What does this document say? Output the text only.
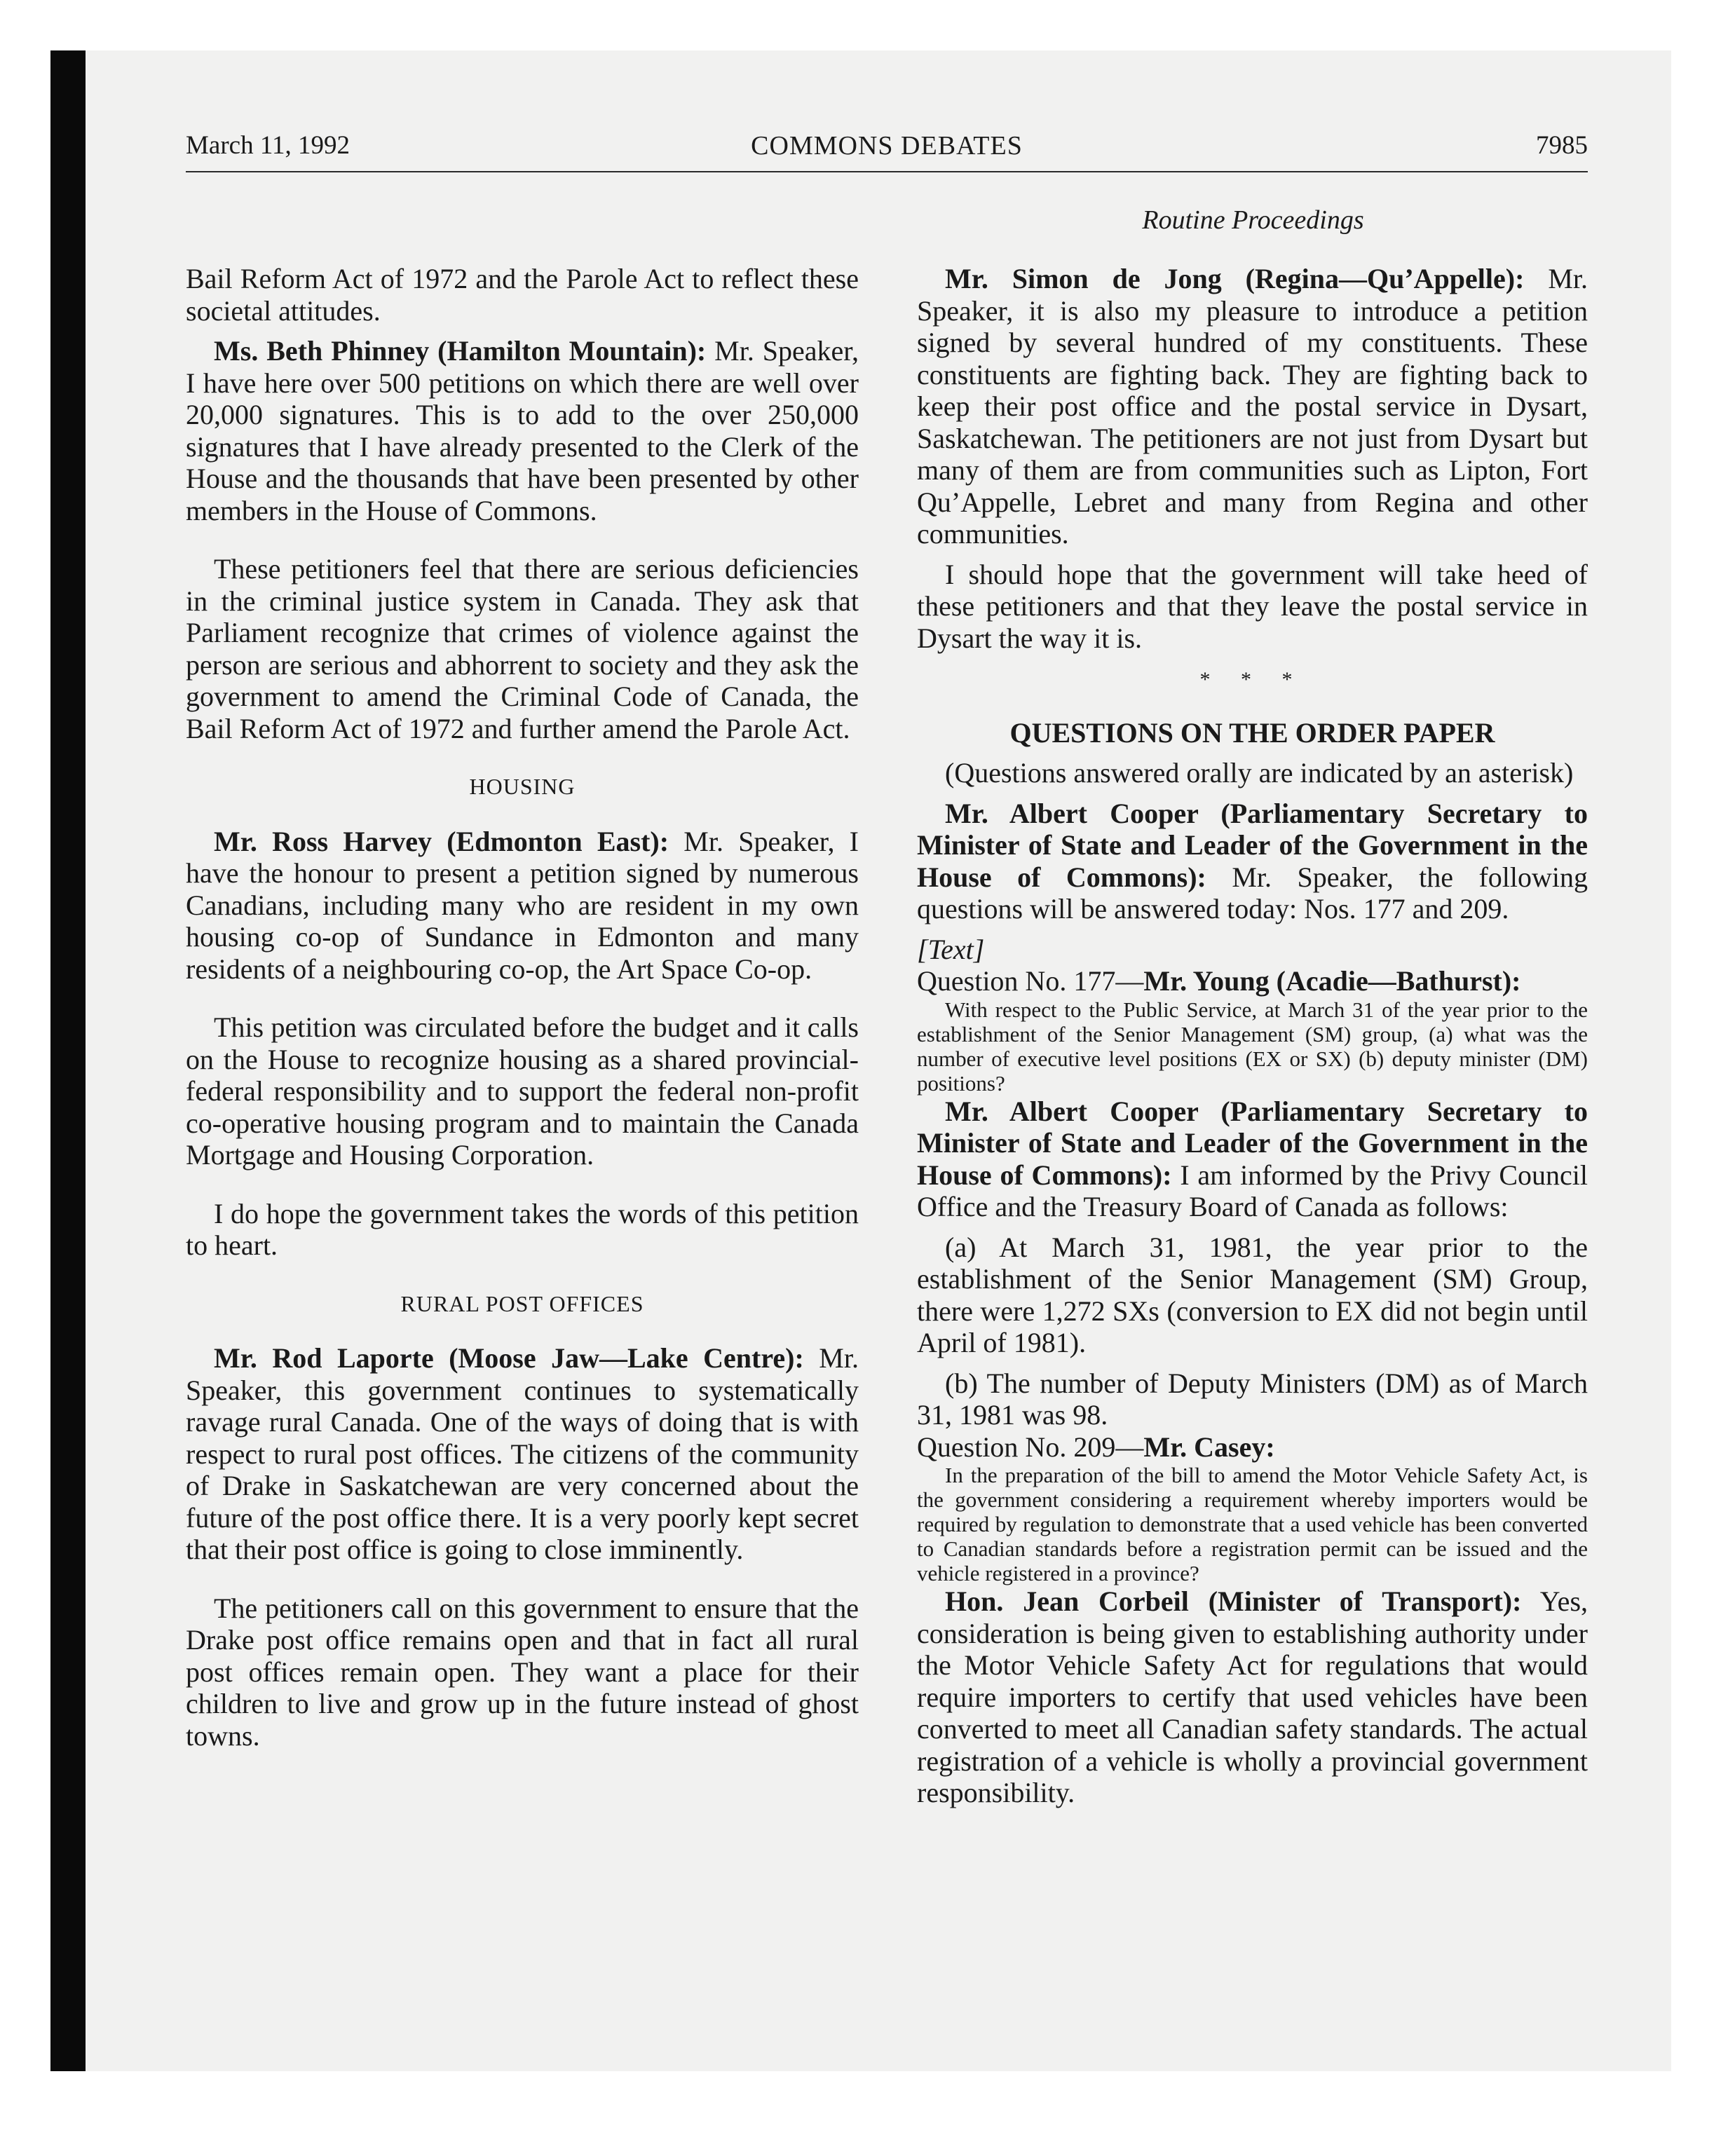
March 11, 1992	COMMONS DEBATES	7985
Routine Proceedings

Bail Reform Act of 1972 and the Parole Act to reflect these societal attitudes.

Ms. Beth Phinney (Hamilton Mountain): Mr. Speaker, I have here over 500 petitions on which there are well over 20,000 signatures. This is to add to the over 250,000 signatures that I have already presented to the Clerk of the House and the thousands that have been presented by other members in the House of Commons.

These petitioners feel that there are serious deficiencies in the criminal justice system in Canada. They ask that Parliament recognize that crimes of violence against the person are serious and abhorrent to society and they ask the government to amend the Criminal Code of Canada, the Bail Reform Act of 1972 and further amend the Parole Act.

HOUSING

Mr. Ross Harvey (Edmonton East): Mr. Speaker, I have the honour to present a petition signed by numerous Canadians, including many who are resident in my own housing co-op of Sundance in Edmonton and many residents of a neighbouring co-op, the Art Space Co-op.

This petition was circulated before the budget and it calls on the House to recognize housing as a shared provincial-federal responsibility and to support the federal non-profit co-operative housing program and to maintain the Canada Mortgage and Housing Corporation.

I do hope the government takes the words of this petition to heart.

RURAL POST OFFICES

Mr. Rod Laporte (Moose Jaw—Lake Centre): Mr. Speaker, this government continues to systematically ravage rural Canada. One of the ways of doing that is with respect to rural post offices. The citizens of the community of Drake in Saskatchewan are very concerned about the future of the post office there. It is a very poorly kept secret that their post office is going to close imminently.

The petitioners call on this government to ensure that the Drake post office remains open and that in fact all rural post offices remain open. They want a place for their children to live and grow up in the future instead of ghost towns.

Mr. Simon de Jong (Regina—Qu’Appelle): Mr. Speaker, it is also my pleasure to introduce a petition signed by several hundred of my constituents. These constituents are fighting back. They are fighting back to keep their post office and the postal service in Dysart, Saskatchewan. The petitioners are not just from Dysart but many of them are from communities such as Lipton, Fort Qu’Appelle, Lebret and many from Regina and other communities.

I should hope that the government will take heed of these petitioners and that they leave the postal service in Dysart the way it is.

* * *
QUESTIONS ON THE ORDER PAPER

(Questions answered orally are indicated by an asterisk)

Mr. Albert Cooper (Parliamentary Secretary to Minister of State and Leader of the Government in the House of Commons): Mr. Speaker, the following questions will be answered today: Nos. 177 and 209.

[Text]

Question No. 177—Mr. Young (Acadie—Bathurst):

With respect to the Public Service, at March 31 of the year prior to the establishment of the Senior Management (SM) group, (a) what was the number of executive level positions (EX or SX) (b) deputy minister (DM) positions?

Mr. Albert Cooper (Parliamentary Secretary to Minister of State and Leader of the Government in the House of Commons): I am informed by the Privy Council Office and the Treasury Board of Canada as follows:

(a) At March 31, 1981, the year prior to the establishment of the Senior Management (SM) Group, there were 1,272 SXs (conversion to EX did not begin until April of 1981).

(b) The number of Deputy Ministers (DM) as of March 31, 1981 was 98.

Question No. 209—Mr. Casey:

In the preparation of the bill to amend the Motor Vehicle Safety Act, is the government considering a requirement whereby importers would be required by regulation to demonstrate that a used vehicle has been converted to Canadian standards before a registration permit can be issued and the vehicle registered in a province?

Hon. Jean Corbeil (Minister of Transport): Yes, consideration is being given to establishing authority under the Motor Vehicle Safety Act for regulations that would require importers to certify that used vehicles have been converted to meet all Canadian safety standards. The actual registration of a vehicle is wholly a provincial government responsibility.
